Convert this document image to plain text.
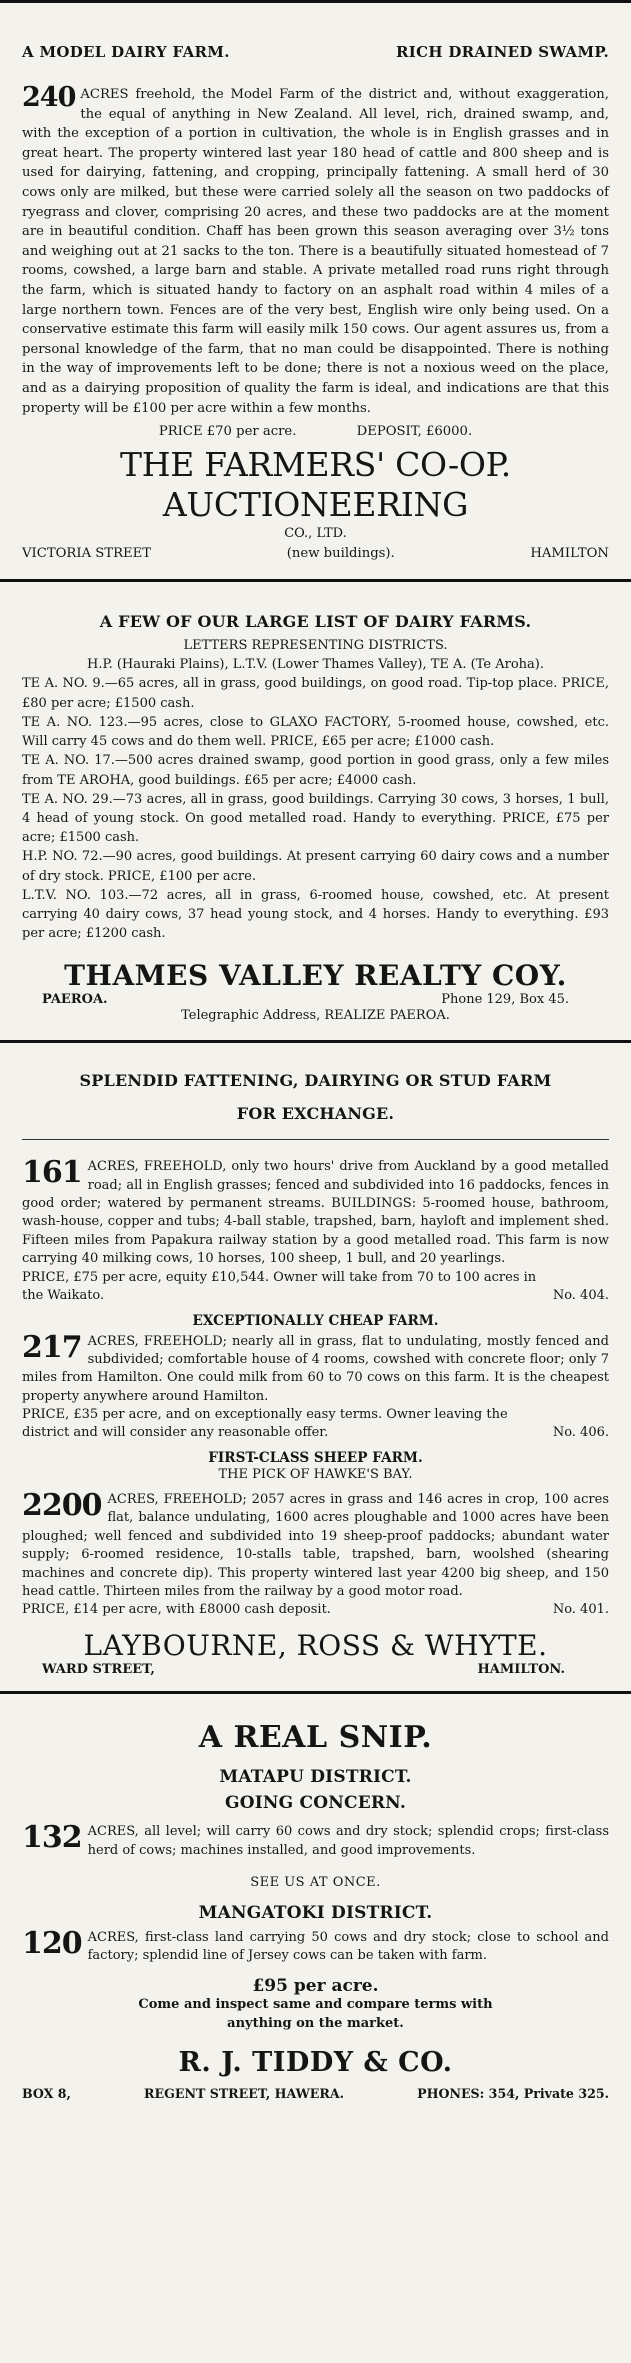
A MODEL DAIRY FARM.	RICH DRAINED SWAMP.

240 ACRES freehold, the Model Farm of the district and, without exaggeration, the equal of anything in New Zealand. All level, rich, drained swamp, and, with the exception of a portion in cultivation, the whole is in English grasses and in great heart. The property wintered last year 180 head of cattle and 800 sheep and is used for dairying, fattening, and cropping, principally fattening. A small herd of 30 cows only are milked, but these were carried solely all the season on two paddocks of ryegrass and clover, comprising 20 acres, and these two paddocks are at the moment are in beautiful condition. Chaff has been grown this season averaging over 3½ tons and weighing out at 21 sacks to the ton. There is a beautifully situated homestead of 7 rooms, cowshed, a large barn and stable. A private metalled road runs right through the farm, which is situated handy to factory on an asphalt road within 4 miles of a large northern town. Fences are of the very best, English wire only being used. On a conservative estimate this farm will easily milk 150 cows. Our agent assures us, from a personal knowledge of the farm, that no man could be disappointed. There is nothing in the way of improvements left to be done; there is not a noxious weed on the place, and as a dairying proposition of quality the farm is ideal, and indications are that this property will be £100 per acre within a few months.

PRICE £70 per acre.	DEPOSIT, £6000.
THE FARMERS' CO-OP. AUCTIONEERING
CO., LTD.
VICTORIA STREET	(new buildings).	HAMILTON
A FEW OF OUR LARGE LIST OF DAIRY FARMS.
LETTERS REPRESENTING DISTRICTS.
H.P. (Hauraki Plains), L.T.V. (Lower Thames Valley), TE A. (Te Aroha).

TE A. NO. 9.—65 acres, all in grass, good buildings, on good road. Tip-top place. PRICE, £80 per acre; £1500 cash.

TE A. NO. 123.—95 acres, close to GLAXO FACTORY, 5-roomed house, cowshed, etc. Will carry 45 cows and do them well. PRICE, £65 per acre; £1000 cash.

TE A. NO. 17.—500 acres drained swamp, good portion in good grass, only a few miles from TE AROHA, good buildings. £65 per acre; £4000 cash.

TE A. NO. 29.—73 acres, all in grass, good buildings. Carrying 30 cows, 3 horses, 1 bull, 4 head of young stock. On good metalled road. Handy to everything. PRICE, £75 per acre; £1500 cash.

H.P. NO. 72.—90 acres, good buildings. At present carrying 60 dairy cows and a number of dry stock. PRICE, £100 per acre.

L.T.V. NO. 103.—72 acres, all in grass, 6-roomed house, cowshed, etc. At present carrying 40 dairy cows, 37 head young stock, and 4 horses. Handy to everything. £93 per acre; £1200 cash.

THAMES VALLEY REALTY COY.
PAEROA.	Phone 129, Box 45.
Telegraphic Address, REALIZE PAEROA.
SPLENDID FATTENING, DAIRYING OR STUD FARM
FOR EXCHANGE.

161 ACRES, FREEHOLD, only two hours' drive from Auckland by a good metalled road; all in English grasses; fenced and subdivided into 16 paddocks, fences in good order; watered by permanent streams. BUILDINGS: 5-roomed house, bathroom, wash-house, copper and tubs; 4-ball stable, trapshed, barn, hayloft and implement shed. Fifteen miles from Papakura railway station by a good metalled road. This farm is now carrying 40 milking cows, 10 horses, 100 sheep, 1 bull, and 20 yearlings.

PRICE, £75 per acre, equity £10,544. Owner will take from 70 to 100 acres in the Waikato.	No. 404.
EXCEPTIONALLY CHEAP FARM.

217 ACRES, FREEHOLD; nearly all in grass, flat to undulating, mostly fenced and subdivided; comfortable house of 4 rooms, cowshed with concrete floor; only 7 miles from Hamilton. One could milk from 60 to 70 cows on this farm. It is the cheapest property anywhere around Hamilton.

PRICE, £35 per acre, and on exceptionally easy terms. Owner leaving the district and will consider any reasonable offer.	No. 406.
FIRST-CLASS SHEEP FARM.
THE PICK OF HAWKE'S BAY.

2200 ACRES, FREEHOLD; 2057 acres in grass and 146 acres in crop, 100 acres flat, balance undulating, 1600 acres ploughable and 1000 acres have been ploughed; well fenced and subdivided into 19 sheep-proof paddocks; abundant water supply; 6-roomed residence, 10-stalls table, trapshed, barn, woolshed (shearing machines and concrete dip). This property wintered last year 4200 big sheep, and 150 head cattle. Thirteen miles from the railway by a good motor road.

PRICE, £14 per acre, with £8000 cash deposit.	No. 401.
LAYBOURNE, ROSS & WHYTE.
WARD STREET,	HAMILTON.
A REAL SNIP.
MATAPU DISTRICT.
GOING CONCERN.

132 ACRES, all level; will carry 60 cows and dry stock; splendid crops; first-class herd of cows; machines installed, and good improvements.

SEE US AT ONCE.
MANGATOKI DISTRICT.

120 ACRES, first-class land carrying 50 cows and dry stock; close to school and factory; splendid line of Jersey cows can be taken with farm.

£95 per acre.
Come and inspect same and compare terms with anything on the market.
R. J. TIDDY & CO.
BOX 8,	REGENT STREET, HAWERA.	PHONES: 354, Private 325.
